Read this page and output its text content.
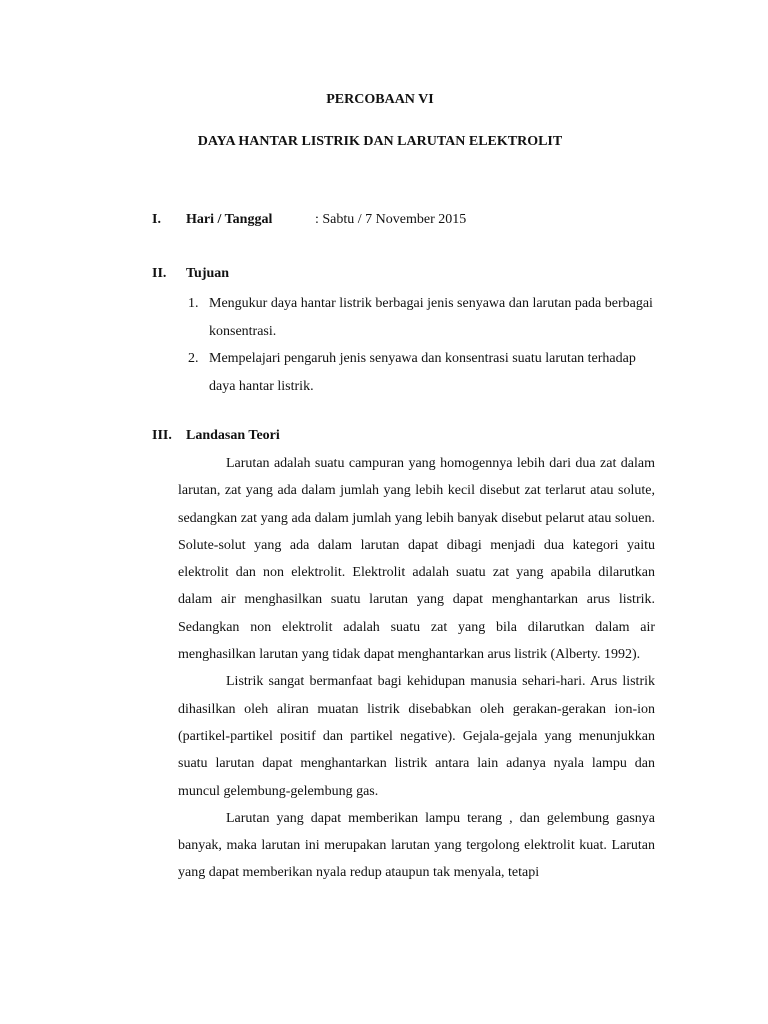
PERCOBAAN VI
DAYA HANTAR LISTRIK DAN LARUTAN ELEKTROLIT
I. Hari / Tanggal	: Sabtu / 7 November 2015
II. Tujuan
1. Mengukur daya hantar listrik berbagai jenis senyawa dan larutan pada berbagai konsentrasi.
2. Mempelajari pengaruh jenis senyawa dan konsentrasi suatu larutan terhadap daya hantar listrik.
III. Landasan Teori

Larutan adalah suatu campuran yang homogennya lebih dari dua zat dalam larutan, zat yang ada dalam jumlah yang lebih kecil disebut zat terlarut atau solute, sedangkan zat yang ada dalam jumlah yang lebih banyak disebut pelarut atau soluen. Solute-solut yang ada dalam larutan dapat dibagi menjadi dua kategori yaitu elektrolit dan non elektrolit. Elektrolit adalah suatu zat yang apabila dilarutkan dalam air menghasilkan suatu larutan yang dapat menghantarkan arus listrik. Sedangkan non elektrolit adalah suatu zat yang bila dilarutkan dalam air menghasilkan larutan yang tidak dapat menghantarkan arus listrik (Alberty. 1992).

Listrik sangat bermanfaat bagi kehidupan manusia sehari-hari. Arus listrik dihasilkan oleh aliran muatan listrik disebabkan oleh gerakan-gerakan ion-ion (partikel-partikel positif dan partikel negative). Gejala-gejala yang menunjukkan suatu larutan dapat menghantarkan listrik antara lain adanya nyala lampu dan muncul gelembung-gelembung gas.

Larutan yang dapat memberikan lampu terang , dan gelembung gasnya banyak, maka larutan ini merupakan larutan yang tergolong elektrolit kuat. Larutan yang dapat memberikan nyala redup ataupun tak menyala, tetapi
